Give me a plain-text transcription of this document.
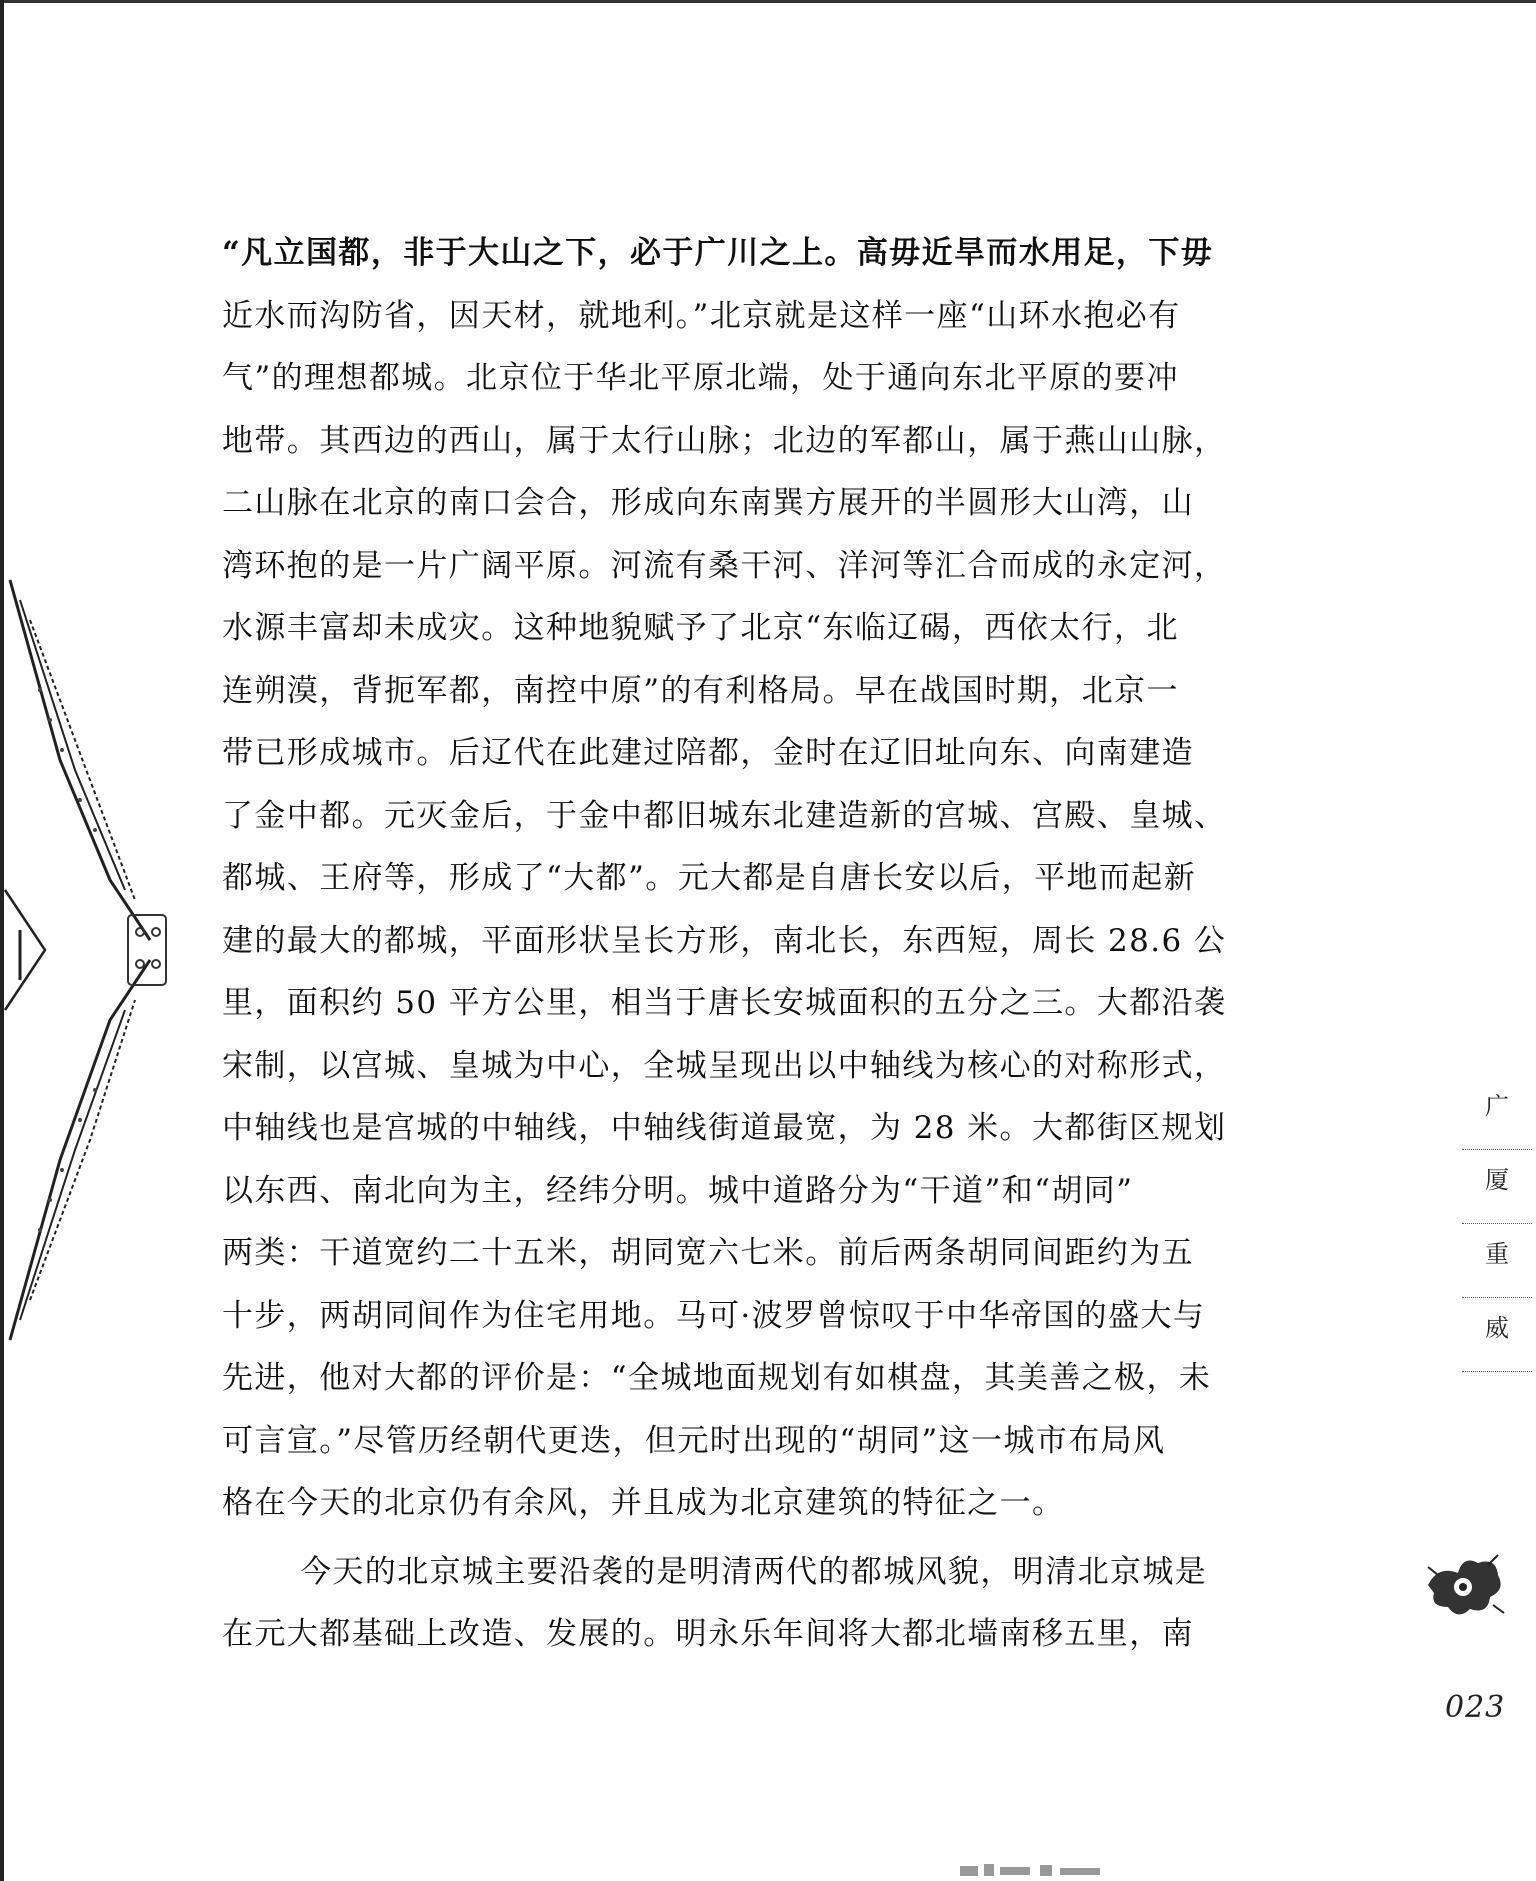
“凡立国都，非于大山之下，必于广川之上。高毋近旱而水用足，下毋
近水而沟防省，因天材，就地利。”北京就是这样一座“山环水抱必有
气”的理想都城。北京位于华北平原北端，处于通向东北平原的要冲
地带。其西边的西山，属于太行山脉；北边的军都山，属于燕山山脉，
二山脉在北京的南口会合，形成向东南巽方展开的半圆形大山湾，山
湾环抱的是一片广阔平原。河流有桑干河、洋河等汇合而成的永定河，
水源丰富却未成灾。这种地貌赋予了北京“东临辽碣，西依太行，北
连朔漠，背扼军都，南控中原”的有利格局。早在战国时期，北京一
带已形成城市。后辽代在此建过陪都，金时在辽旧址向东、向南建造
了金中都。元灭金后，于金中都旧城东北建造新的宫城、宫殿、皇城、
都城、王府等，形成了“大都”。元大都是自唐长安以后，平地而起新
建的最大的都城，平面形状呈长方形，南北长，东西短，周长 28.6 公
里，面积约 50 平方公里，相当于唐长安城面积的五分之三。大都沿袭
宋制，以宫城、皇城为中心，全城呈现出以中轴线为核心的对称形式，
中轴线也是宫城的中轴线，中轴线街道最宽，为 28 米。大都街区规划
以东西、南北向为主，经纬分明。城中道路分为“干道”和“胡同”
两类：干道宽约二十五米，胡同宽六七米。前后两条胡同间距约为五
十步，两胡同间作为住宅用地。马可·波罗曾惊叹于中华帝国的盛大与
先进，他对大都的评价是：“全城地面规划有如棋盘，其美善之极，未
可言宣。”尽管历经朝代更迭，但元时出现的“胡同”这一城市布局风
格在今天的北京仍有余风，并且成为北京建筑的特征之一。
今天的北京城主要沿袭的是明清两代的都城风貌，明清北京城是
在元大都基础上改造、发展的。明永乐年间将大都北墙南移五里，南
广
厦
重
威
023
